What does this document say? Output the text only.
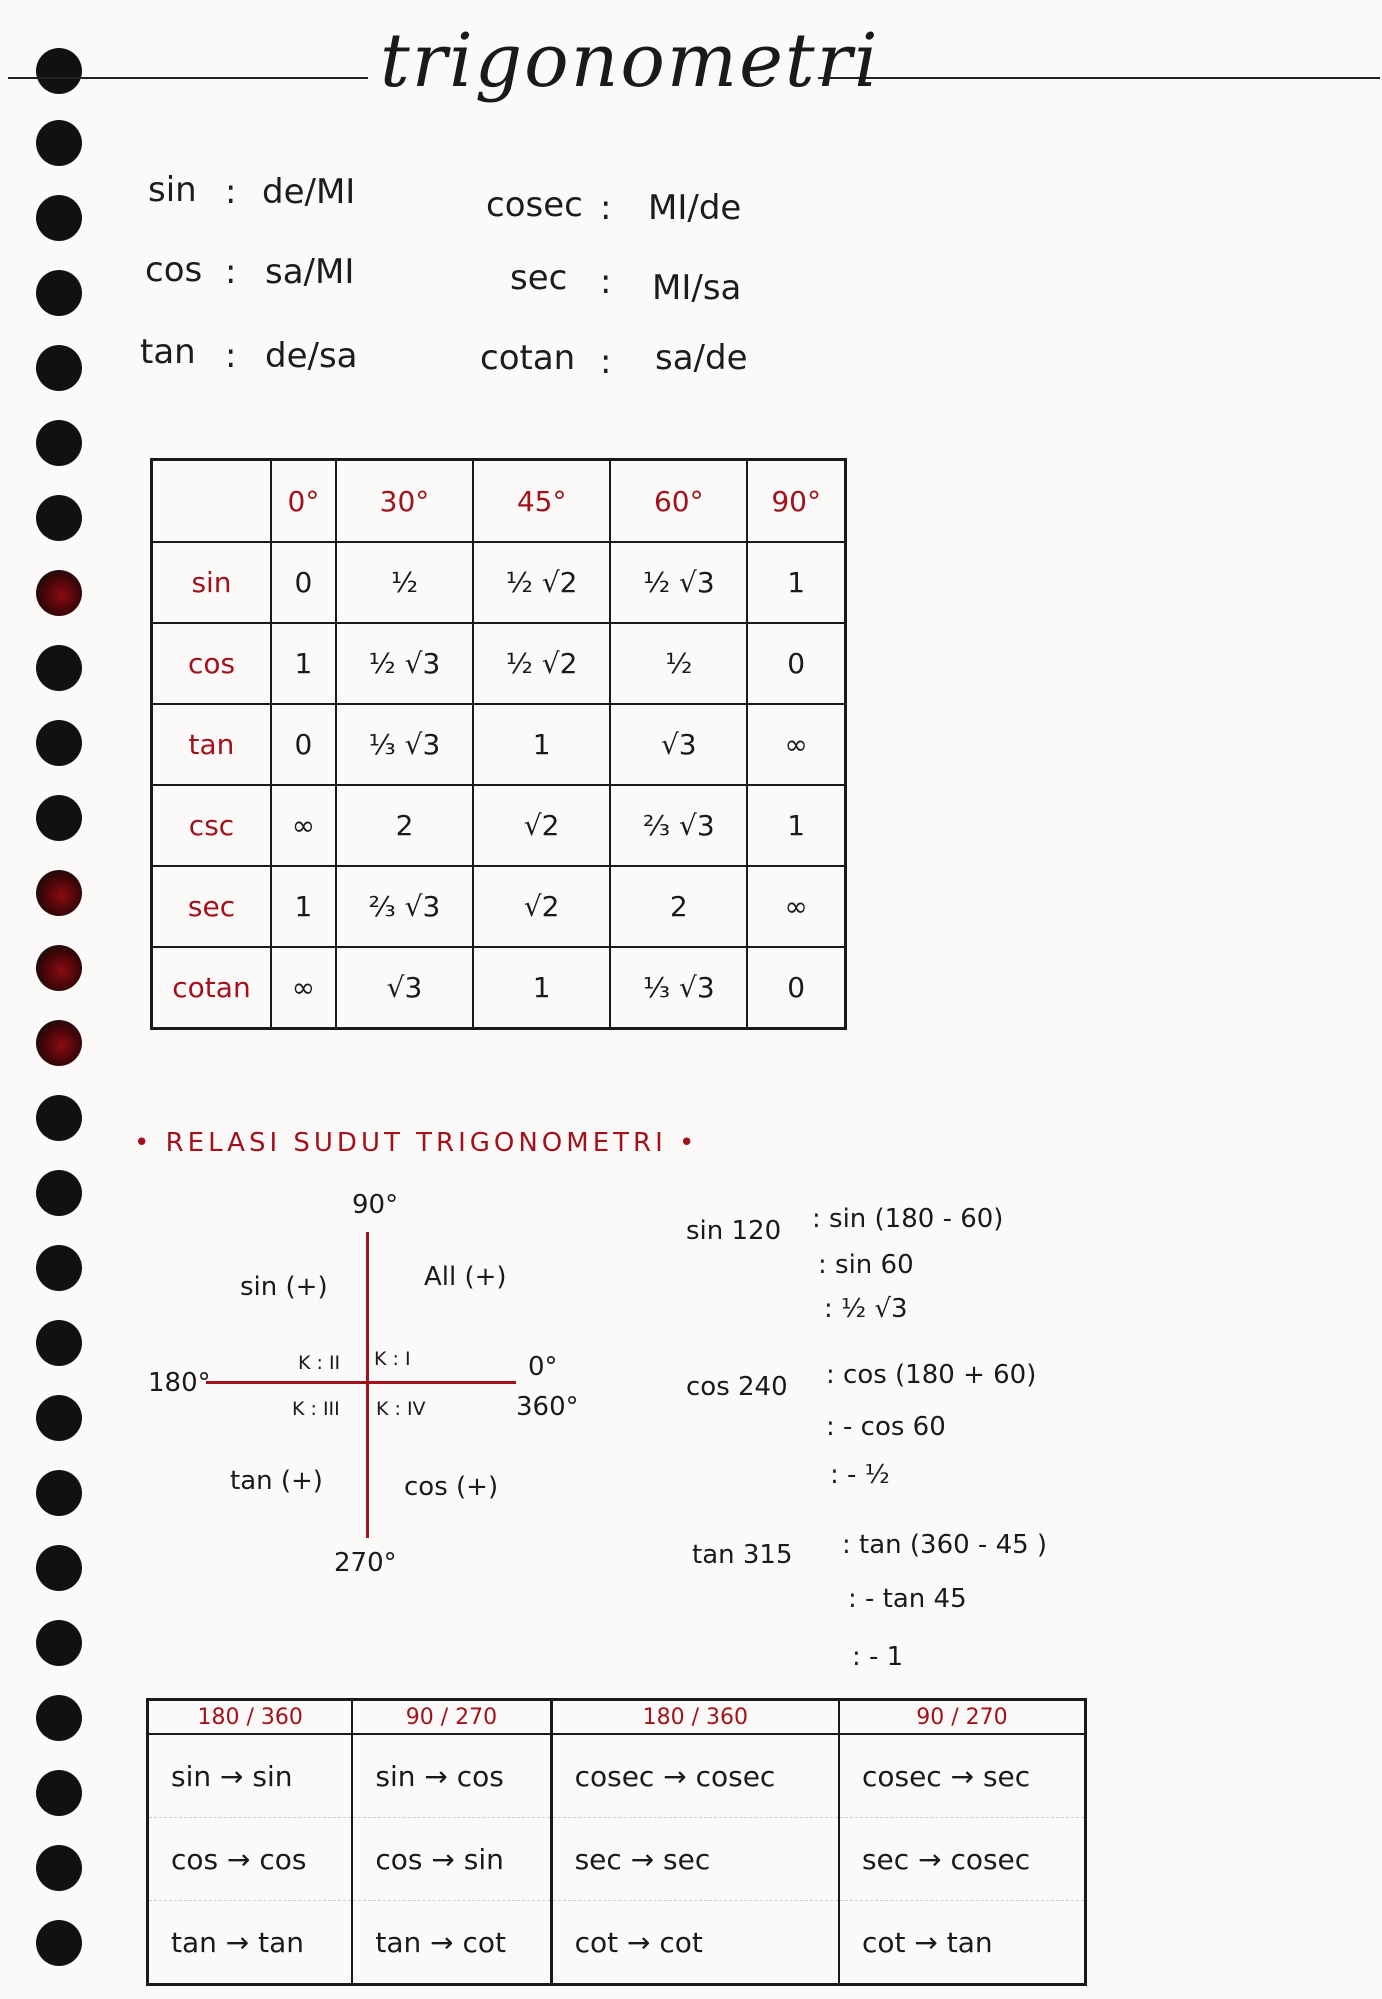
trigonometri
sin : de/MI
cos : sa/MI
tan : de/sa
cosec : MI/de
sec : MI/sa
cotan : sa/de
	0°	30°	45°	60°	90°
sin	0	½	½ √2	½ √3	1
cos	1	½ √3	½ √2	½	0
tan	0	⅓ √3	1	√3	∞
csc	∞	2	√2	⅔ √3	1
sec	1	⅔ √3	√2	2	∞
cotan	∞	√3	1	⅓ √3	0
• RELASI SUDUT TRIGONOMETRI •
90°
270°
180°
0°
360°
All (+)
sin (+)
tan (+)	cos (+)
K : I
K : II
K : III K : IV
sin 120 : sin (180 - 60)
: sin 60
: ½ √3
cos 240 : cos (180 + 60)
: - cos 60
: - ½
tan 315 : tan (360 - 45 )
: - tan 45
: - 1
180 / 360	90 / 270	180 / 360	90 / 270
sin → sin	sin → cos	cosec → cosec	cosec → sec
cos → cos	cos → sin	sec → sec	sec → cosec
tan → tan	tan → cot	cot → cot	cot → tan
